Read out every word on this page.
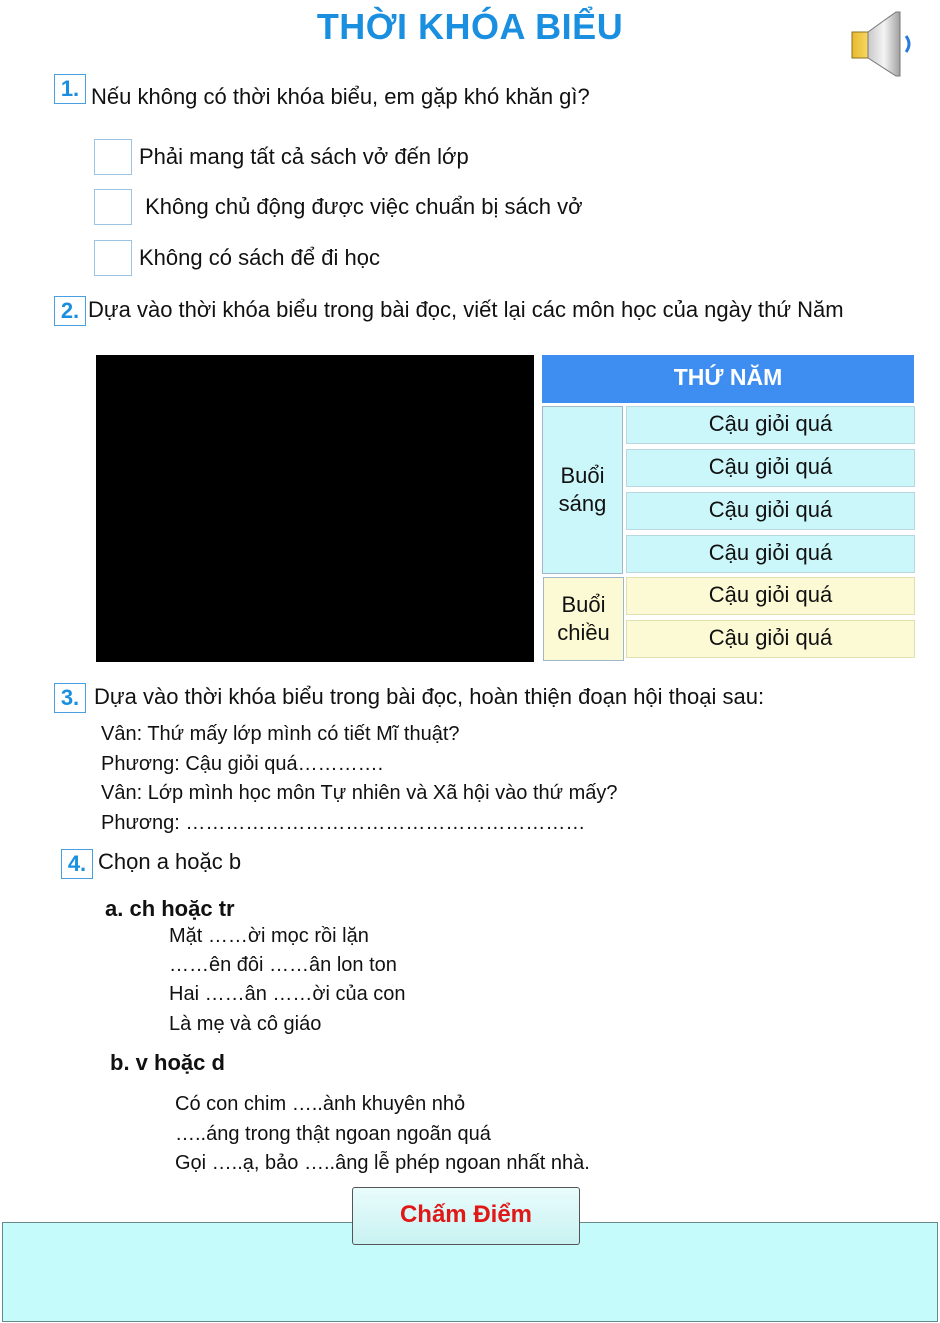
THỜI KHÓA BIỂU
1. Nếu không có thời khóa biểu, em gặp khó khăn gì?
Phải mang tất cả sách vở đến lớp
Không chủ động được việc chuẩn bị sách vở
Không có sách để đi học
2. Dựa vào thời khóa biểu trong bài đọc, viết lại các môn học của ngày thứ Năm
THỨ NĂM
Buổi sáng
Buổi chiều
Cậu giỏi quá
Cậu giỏi quá
Cậu giỏi quá
Cậu giỏi quá
Cậu giỏi quá
Cậu giỏi quá
3. Dựa vào thời khóa biểu trong bài đọc, hoàn thiện đoạn hội thoại sau:
Vân: Thứ mấy lớp mình có tiết Mĩ thuật?
Phương: Cậu giỏi quá………….
Vân: Lớp mình học môn Tự nhiên và Xã hội vào thứ mấy?
Phương: ……………………………………………………
4. Chọn a hoặc b
a. ch hoặc tr
Mặt ……ời mọc rồi lặn
……ên đôi ……ân lon ton
Hai ……ân ……ời của con
Là mẹ và cô giáo
b. v hoặc d
Có con chim …..ành khuyên nhỏ
…..áng trong thật ngoan ngoãn quá
Gọi …..ạ, bảo …..âng lễ phép ngoan nhất nhà.
Chấm Điểm
